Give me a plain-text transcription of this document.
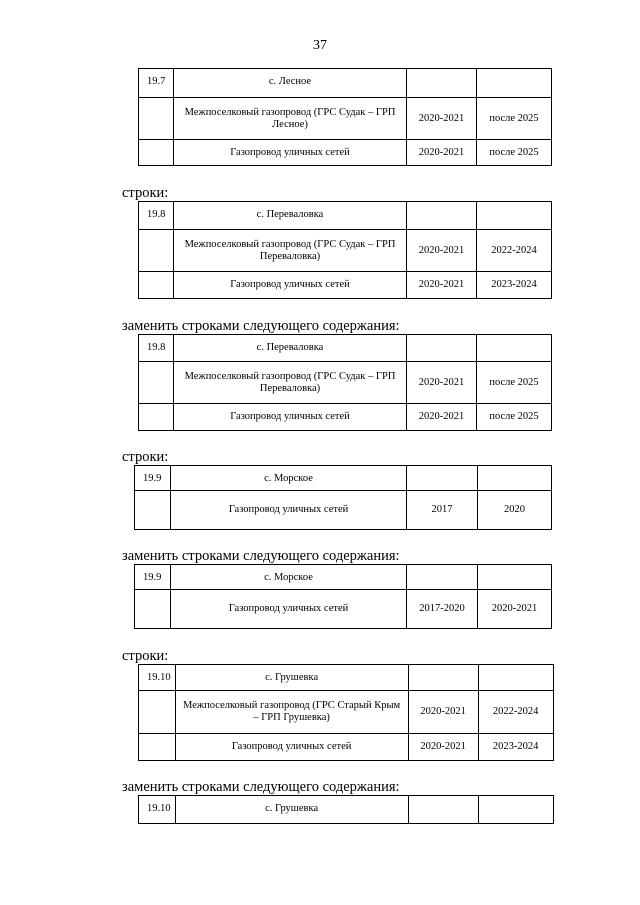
37
19.7	с. Лесное		
	Межпоселковый газопровод (ГРС Судак – ГРП Лесное)	2020-2021	после 2025
	Газопровод уличных сетей	2020-2021	после 2025
строки:
19.8	с. Переваловка		
	Межпоселковый газопровод (ГРС Судак – ГРП Переваловка)	2020-2021	2022-2024
	Газопровод уличных сетей	2020-2021	2023-2024
заменить строками следующего содержания:
19.8	с. Переваловка		
	Межпоселковый газопровод (ГРС Судак – ГРП Переваловка)	2020-2021	после 2025
	Газопровод уличных сетей	2020-2021	после 2025
строки:
19.9	с. Морское		
	Газопровод уличных сетей	2017	2020
заменить строками следующего содержания:
19.9	с. Морское		
	Газопровод уличных сетей	2017-2020	2020-2021
строки:
19.10	с. Грушевка		
	Межпоселковый газопровод (ГРС Старый Крым – ГРП Грушевка)	2020-2021	2022-2024
	Газопровод уличных сетей	2020-2021	2023-2024
заменить строками следующего содержания:
19.10	с. Грушевка		
